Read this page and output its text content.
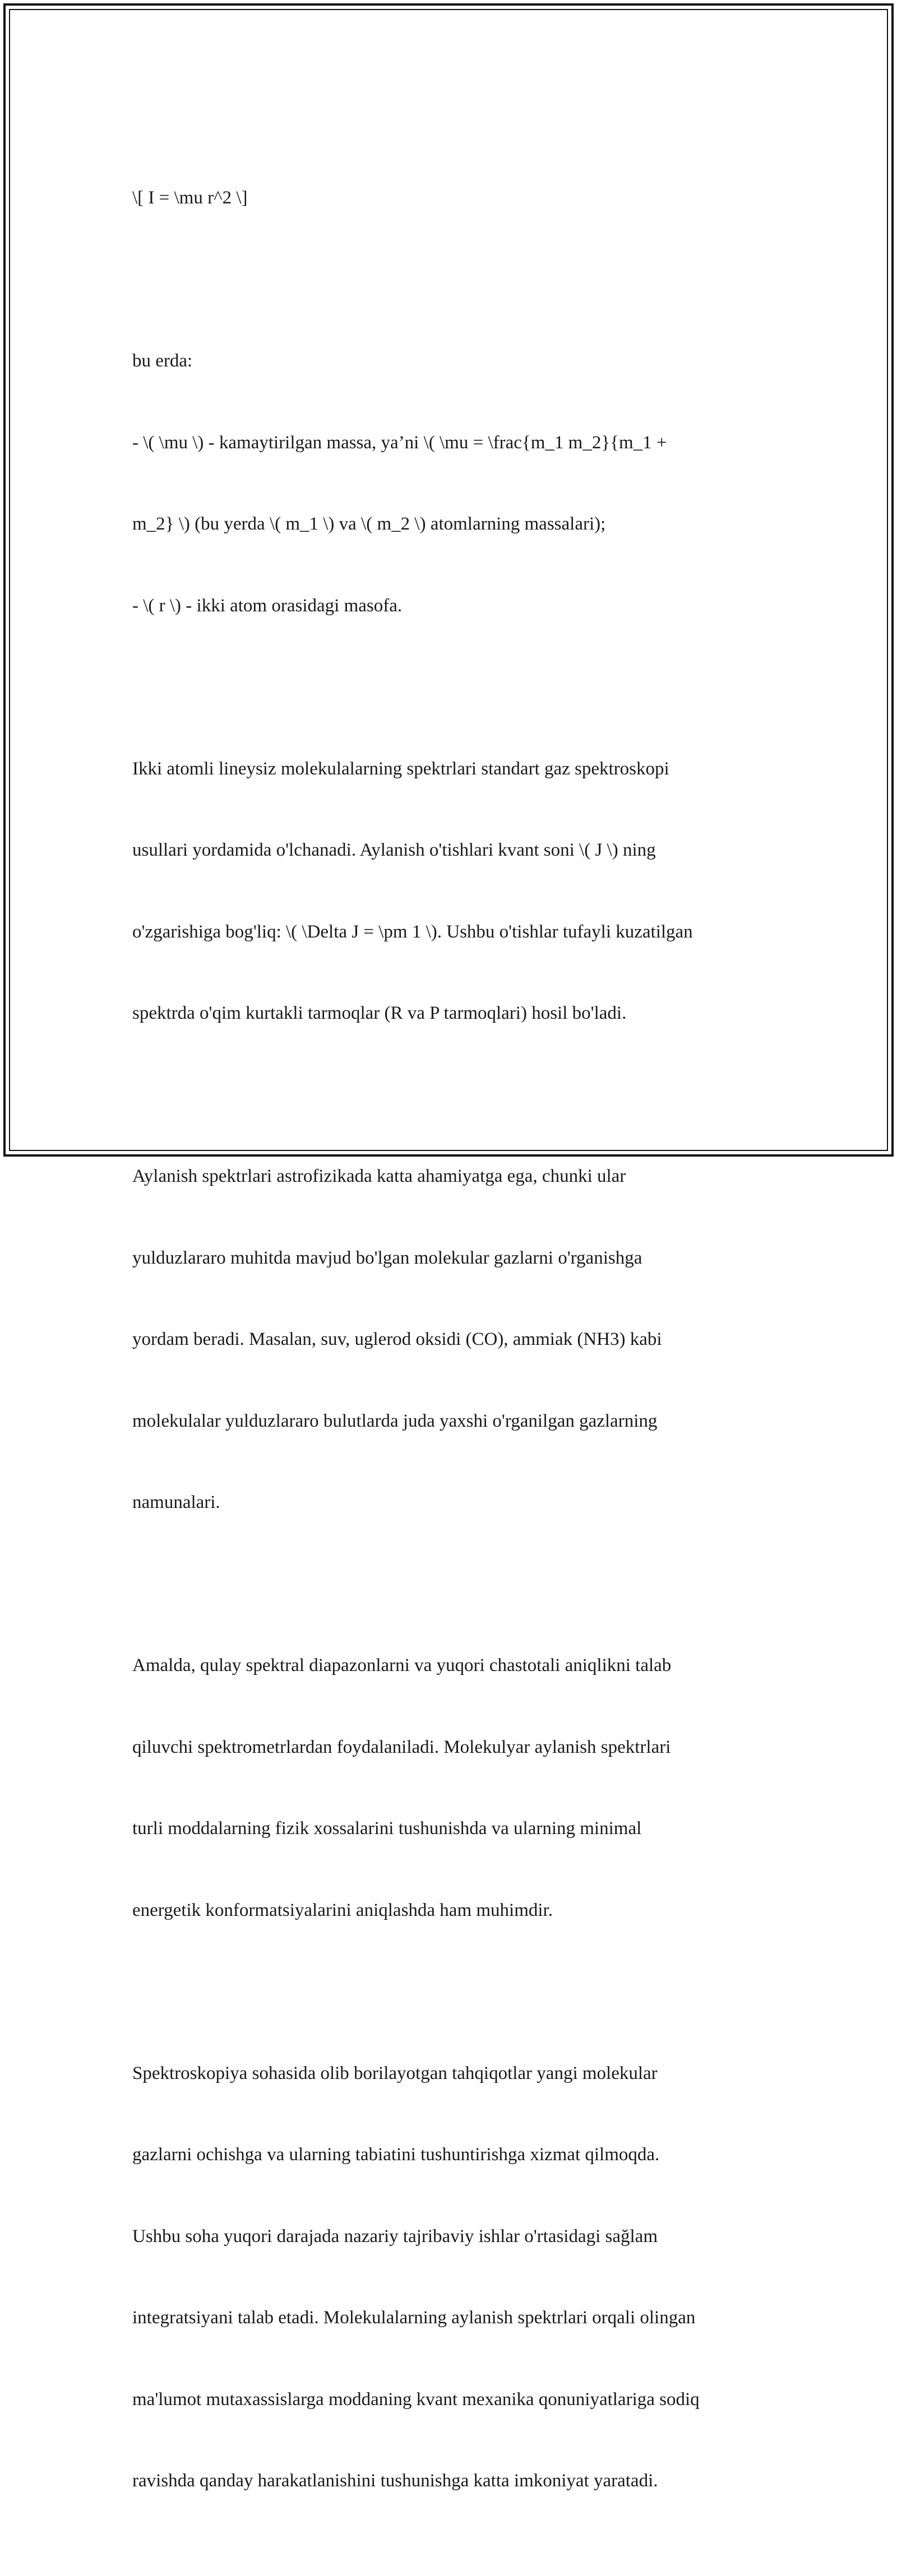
\[ I = \mu r^2 \]

bu erda:

- \( \mu \) - kamaytirilgan massa, ya’ni \( \mu = \frac{m_1 m_2}{m_1 +

m_2} \) (bu yerda \( m_1 \) va \( m_2 \) atomlarning massalari);

- \( r \) - ikki atom orasidagi masofa.

Ikki atomli lineysiz molekulalarning spektrlari standart gaz spektroskopi

usullari yordamida o'lchanadi. Aylanish o'tishlari kvant soni \( J \) ning

o'zgarishiga bog'liq: \( \Delta J = \pm 1 \). Ushbu o'tishlar tufayli kuzatilgan

spektrda o'qim kurtakli tarmoqlar (R va P tarmoqlari) hosil bo'ladi.

Aylanish spektrlari astrofizikada katta ahamiyatga ega, chunki ular

yulduzlararo muhitda mavjud bo'lgan molekular gazlarni o'rganishga

yordam beradi. Masalan, suv, uglerod oksidi (CO), ammiak (NH3) kabi

molekulalar yulduzlararo bulutlarda juda yaxshi o'rganilgan gazlarning

namunalari.

Amalda, qulay spektral diapazonlarni va yuqori chastotali aniqlikni talab

qiluvchi spektrometrlardan foydalaniladi. Molekulyar aylanish spektrlari

turli moddalarning fizik xossalarini tushunishda va ularning minimal

energetik konformatsiyalarini aniqlashda ham muhimdir.

Spektroskopiya sohasida olib borilayotgan tahqiqotlar yangi molekular

gazlarni ochishga va ularning tabiatini tushuntirishga xizmat qilmoqda.

Ushbu soha yuqori darajada nazariy tajribaviy ishlar o'rtasidagi sağlam

integratsiyani talab etadi. Molekulalarning aylanish spektrlari orqali olingan

ma'lumot mutaxassislarga moddaning kvant mexanika qonuniyatlariga sodiq

ravishda qanday harakatlanishini tushunishga katta imkoniyat yaratadi.
